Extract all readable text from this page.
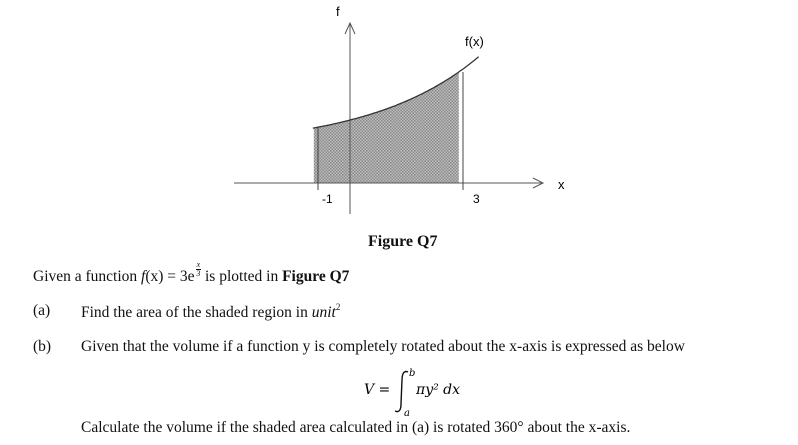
f
x
f(x)
-1	3
Figure Q7
Given a function $f(x) = 3e \frac{x}{3}$ is plotted in Figure Q7
(a) Find the area of the shaded region in unit$^2$
(b) Given that the volume if a function y is completely rotated about the x-axis is expressed as below
V =
b
a
πy² dx
Calculate the volume if the shaded area calculated in (a) is rotated 360° about the x-axis.
